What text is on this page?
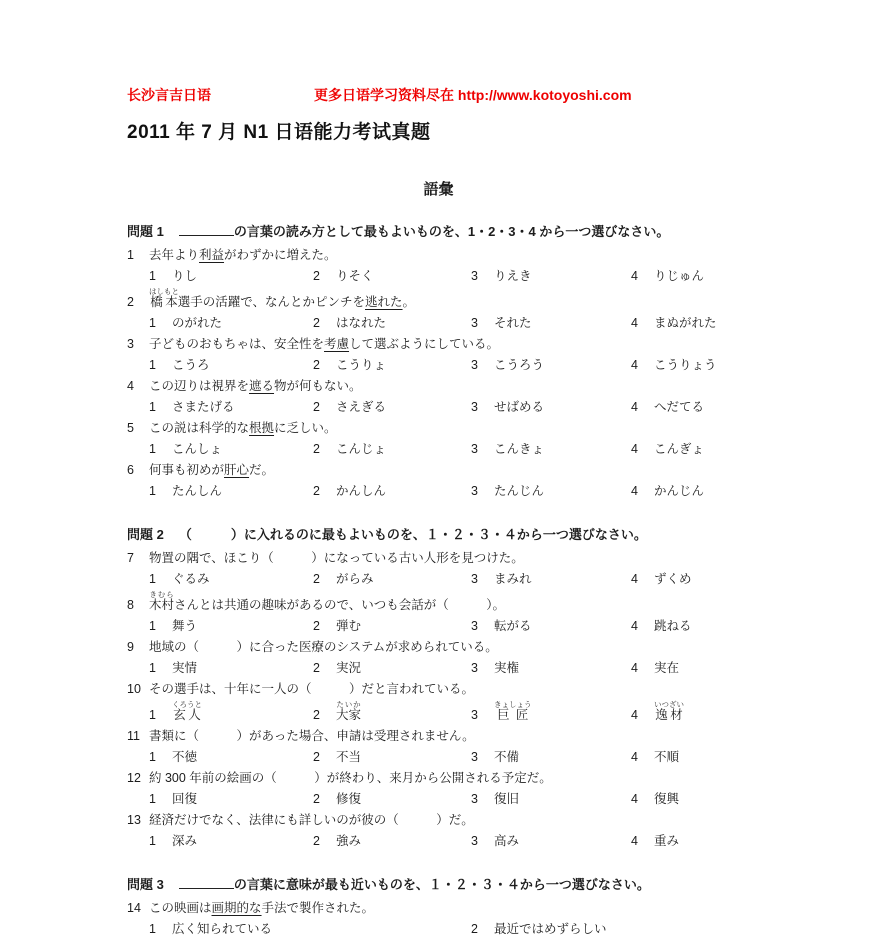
长沙言吉日语	更多日语学习资料尽在 http://www.kotoyoshi.com
2011 年 7 月 N1 日语能力考试真题
語彙
問題 1	の言葉の読み方として最もよいものを、1・2・3・4 から一つ選びなさい。
1 去年より利益がわずかに増えた。
1 りし	2 りそく	3 りえき	4 りじゅん
2 橋本はしもと選手の活躍で、なんとかピンチを逃れた。
1 のがれた	2 はなれた	3 それた	4 まぬがれた
3 子どものおもちゃは、安全性を考慮して選ぶようにしている。
1 こうろ	2 こうりょ	3 こうろう	4 こうりょう
4 この辺りは視界を遮る物が何もない。
1 さまたげる	2 さえぎる	3 せばめる	4 へだてる
5 この説は科学的な根拠に乏しい。
1 こんしょ	2 こんじょ	3 こんきょ	4 こんぎょ
6 何事も初めが肝心だ。
1 たんしん	2 かんしん	3 たんじん	4 かんじん
問題 2 （　　　）に入れるのに最もよいものを、１・２・３・４から一つ選びなさい。
7 物置の隅で、ほこり（　　　）になっている古い人形を見つけた。
1 ぐるみ	2 がらみ	3 まみれ	4 ずくめ
8 木村きむらさんとは共通の趣味があるので、いつも会話が（　　　）。
1 舞う	2 弾む	3 転がる	4 跳ねる
9 地域の（　　　）に合った医療のシステムが求められている。
1 実情	2 実況	3 実権	4 実在
10 その選手は、十年に一人の（　　　）だと言われている。
1 玄人くろうと
2 大家たいか
3 巨匠きょしょう
4 逸材いつざい
11 書類に（　　　）があった場合、申請は受理されません。
1 不徳	2 不当	3 不備	4 不順
12 約 300 年前の絵画の（　　　）が終わり、来月から公開される予定だ。
1 回復	2 修復	3 復旧	4 復興
13 経済だけでなく、法律にも詳しいのが彼の（　　　）だ。
1 深み	2 強み	3 高み	4 重み
問題 3	の言葉に意味が最も近いものを、１・２・３・４から一つ選びなさい。
14 この映画は画期的な手法で製作された。
1 広く知られている	2 最近ではめずらしい
